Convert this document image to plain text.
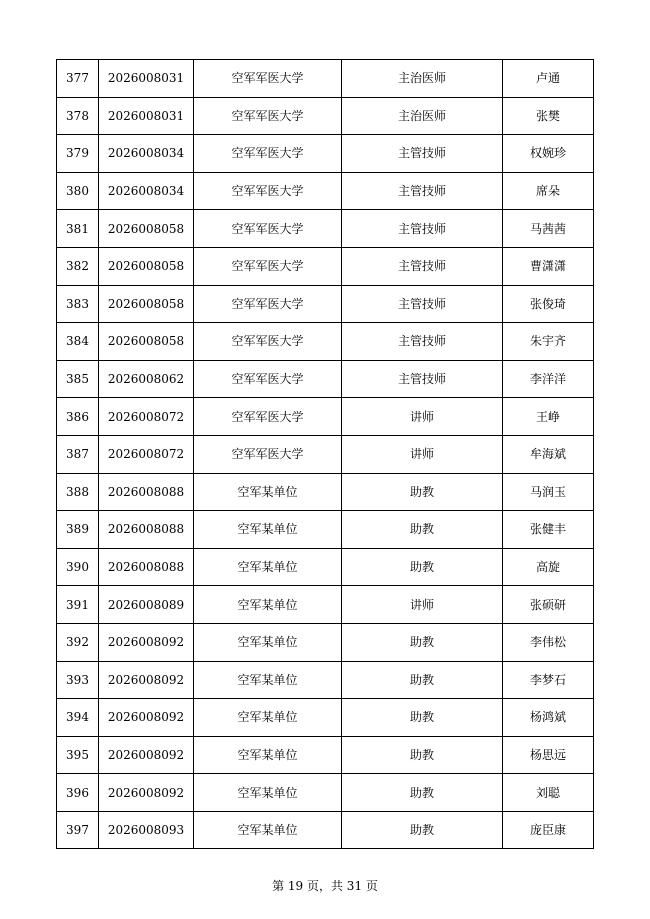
377	2026008031	空军军医大学	主治医师	卢通
378	2026008031	空军军医大学	主治医师	张樊
379	2026008034	空军军医大学	主管技师	权婉珍
380	2026008034	空军军医大学	主管技师	席朵
381	2026008058	空军军医大学	主管技师	马茜茜
382	2026008058	空军军医大学	主管技师	曹潇潇
383	2026008058	空军军医大学	主管技师	张俊琦
384	2026008058	空军军医大学	主管技师	朱宇齐
385	2026008062	空军军医大学	主管技师	李洋洋
386	2026008072	空军军医大学	讲师	王峥
387	2026008072	空军军医大学	讲师	牟海斌
388	2026008088	空军某单位	助教	马润玉
389	2026008088	空军某单位	助教	张健丰
390	2026008088	空军某单位	助教	高旋
391	2026008089	空军某单位	讲师	张硕研
392	2026008092	空军某单位	助教	李伟松
393	2026008092	空军某单位	助教	李梦石
394	2026008092	空军某单位	助教	杨鸿斌
395	2026008092	空军某单位	助教	杨思远
396	2026008092	空军某单位	助教	刘聪
397	2026008093	空军某单位	助教	庞臣康
第 19 页，共 31 页
